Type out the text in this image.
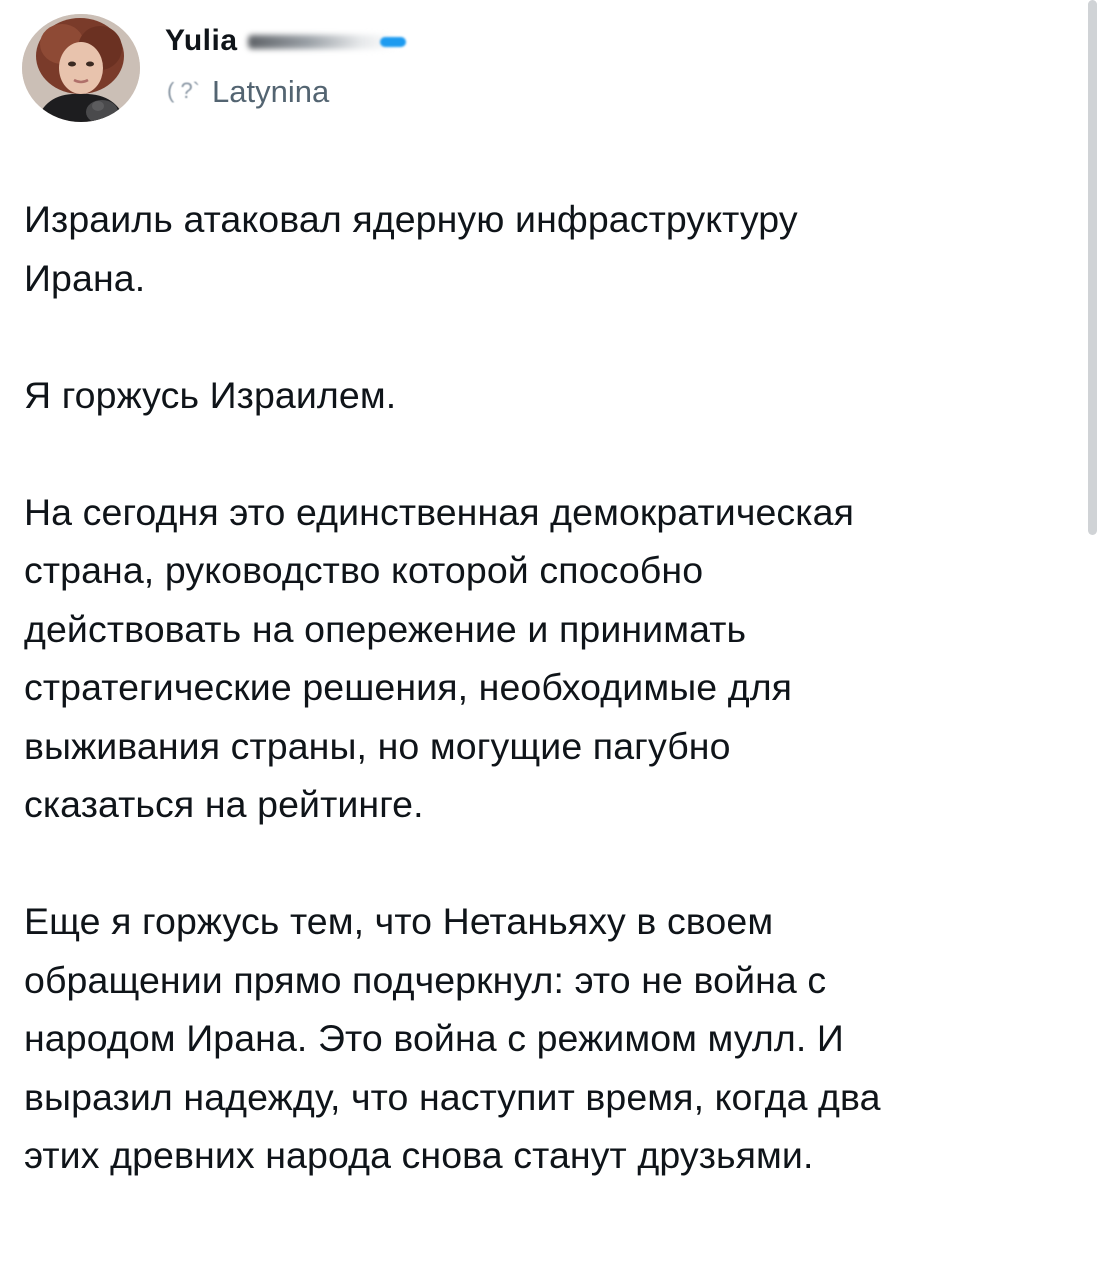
Yulia
( ?` Latynina

Израиль атаковал ядерную инфраструктуру
Ирана.

Я горжусь Израилем.

На сегодня это единственная демократическая
страна, руководство которой способно
действовать на опережение и принимать
стратегические решения, необходимые для
выживания страны, но могущие пагубно
сказаться на рейтинге.

Еще я горжусь тем, что Нетаньяху в своем
обращении прямо подчеркнул: это не война с
народом Ирана. Это война с режимом мулл. И
выразил надежду, что наступит время, когда два
этих древних народа снова станут друзьями.
